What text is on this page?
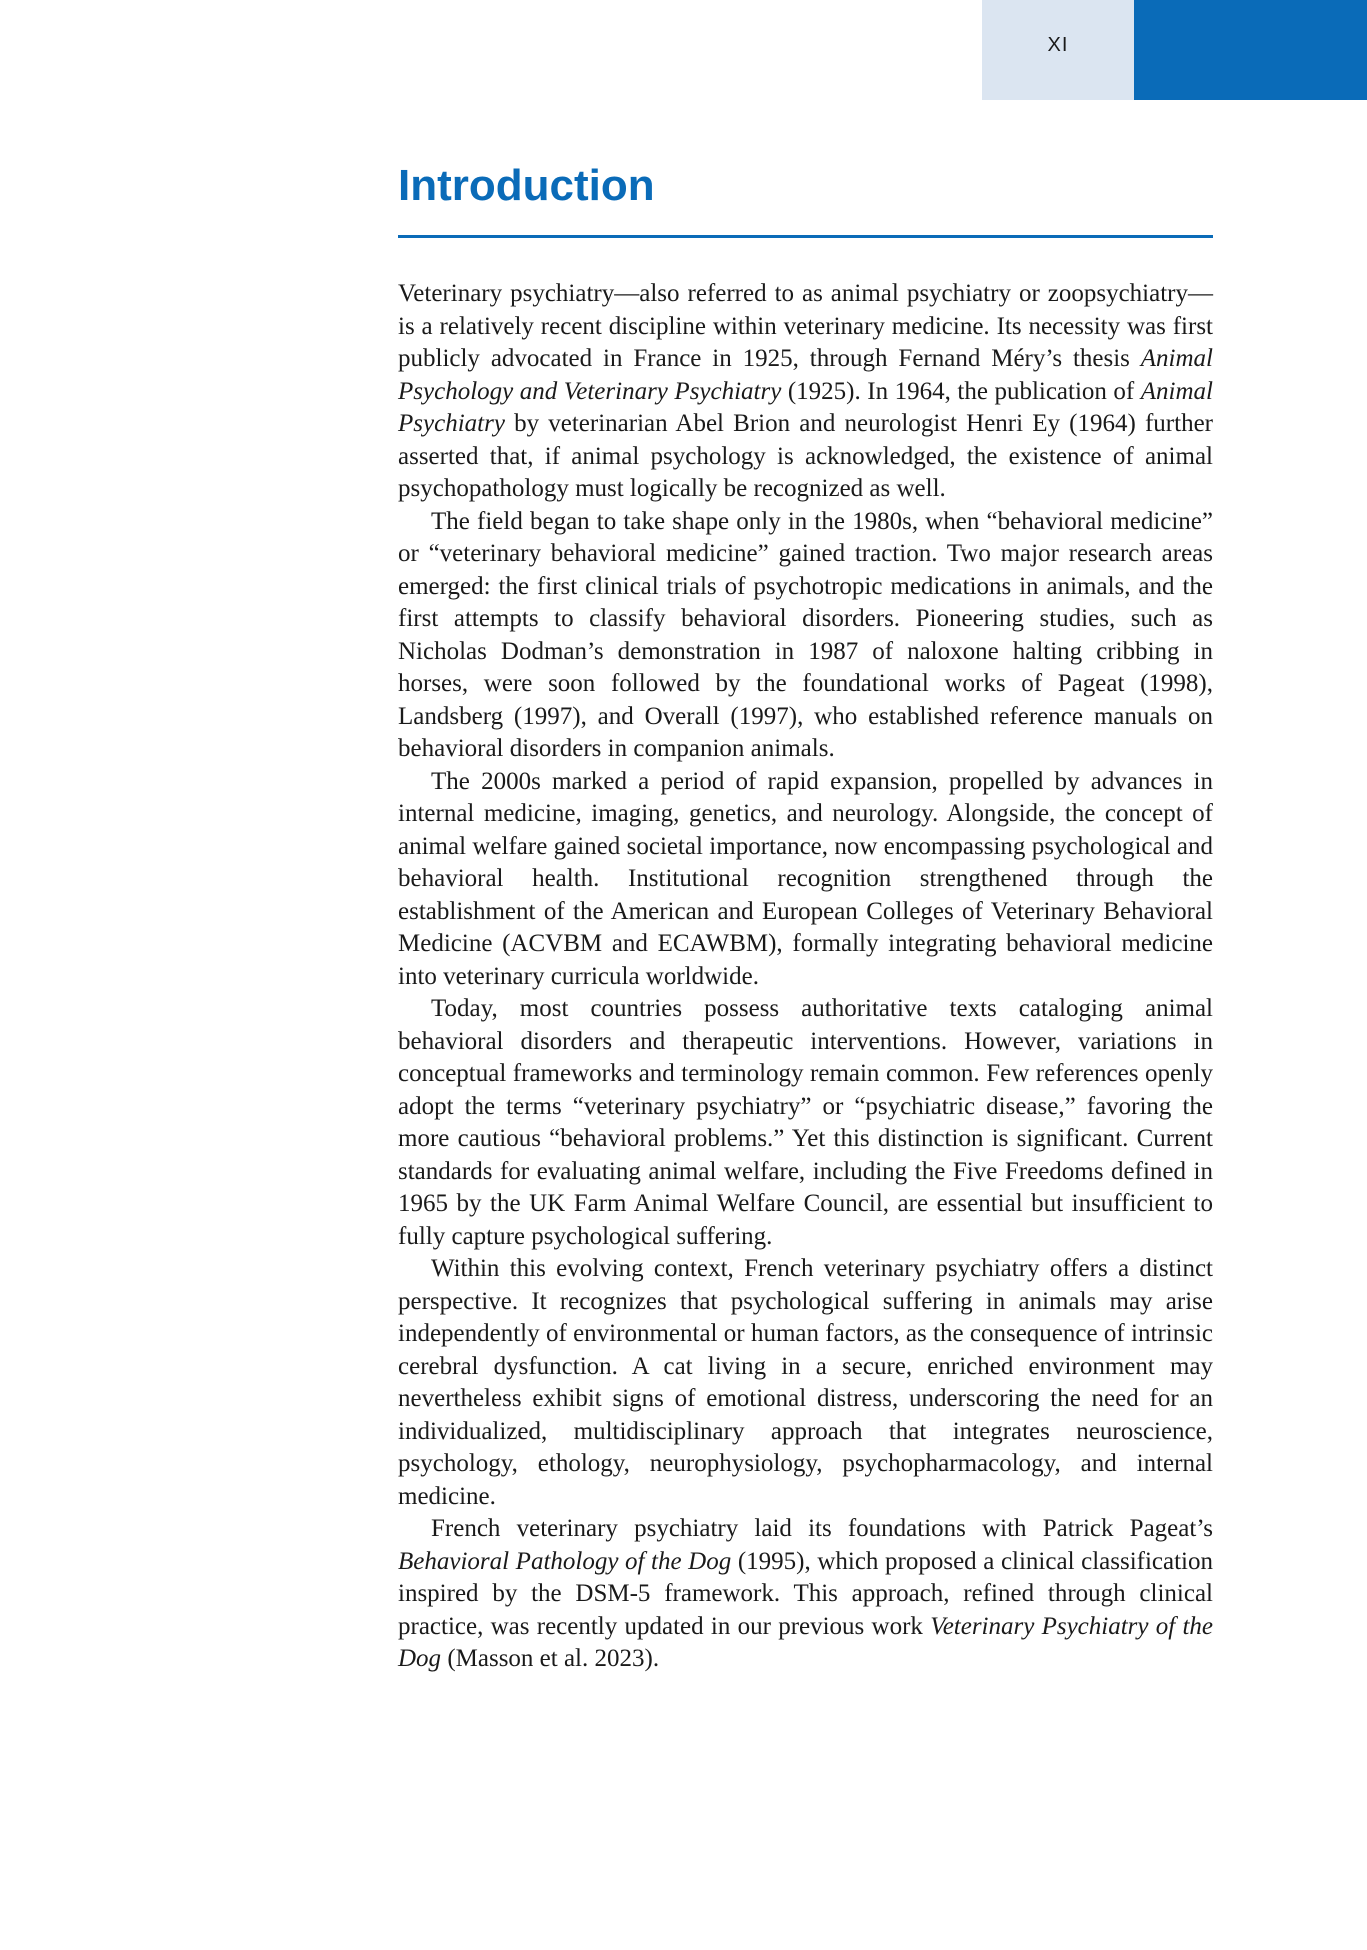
XI
Introduction

Veterinary psychiatry—also referred to as animal psychiatry or zoopsychiatry—is a relatively recent discipline within veterinary medicine. Its necessity was first publicly advocated in France in 1925, through Fernand Méry’s thesis Animal Psychology and Veterinary Psychiatry (1925). In 1964, the publication of Animal Psychiatry by veterinarian Abel Brion and neurologist Henri Ey (1964) further asserted that, if animal psychology is acknowledged, the existence of animal psychopathology must logically be recognized as well.

The field began to take shape only in the 1980s, when “behavioral medicine” or “veterinary behavioral medicine” gained traction. Two major research areas emerged: the first clinical trials of psychotropic medications in animals, and the first attempts to classify behavioral disorders. Pioneering studies, such as Nicholas Dodman’s demonstration in 1987 of naloxone halting cribbing in horses, were soon followed by the foundational works of Pageat (1998), Landsberg (1997), and Overall (1997), who established reference manuals on behavioral disorders in companion animals.

The 2000s marked a period of rapid expansion, propelled by advances in internal medicine, imaging, genetics, and neurology. Alongside, the concept of animal welfare gained societal importance, now encompassing psychological and behavioral health. Institutional recognition strengthened through the establishment of the American and European Colleges of Veterinary Behavioral Medicine (ACVBM and ECAWBM), formally integrating behavioral medicine into veterinary curricula worldwide.

Today, most countries possess authoritative texts cataloging animal behavioral disorders and therapeutic interventions. However, variations in conceptual frameworks and terminology remain common. Few references openly adopt the terms “veterinary psychiatry” or “psychiatric disease,” favoring the more cautious “behavioral problems.” Yet this distinction is significant. Current standards for evaluating animal welfare, including the Five Freedoms defined in 1965 by the UK Farm Animal Welfare Council, are essential but insufficient to fully capture psychological suffering.

Within this evolving context, French veterinary psychiatry offers a distinct perspective. It recognizes that psychological suffering in animals may arise independently of environmental or human factors, as the consequence of intrinsic cerebral dysfunction. A cat living in a secure, enriched environment may nevertheless exhibit signs of emotional distress, underscoring the need for an individualized, multidisciplinary approach that integrates neuroscience, psychology, ethology, neurophysiology, psychopharmacology, and internal medicine.

French veterinary psychiatry laid its foundations with Patrick Pageat’s Behavioral Pathology of the Dog (1995), which proposed a clinical classification inspired by the DSM-5 framework. This approach, refined through clinical practice, was recently updated in our previous work Veterinary Psychiatry of the Dog (Masson et al. 2023).
